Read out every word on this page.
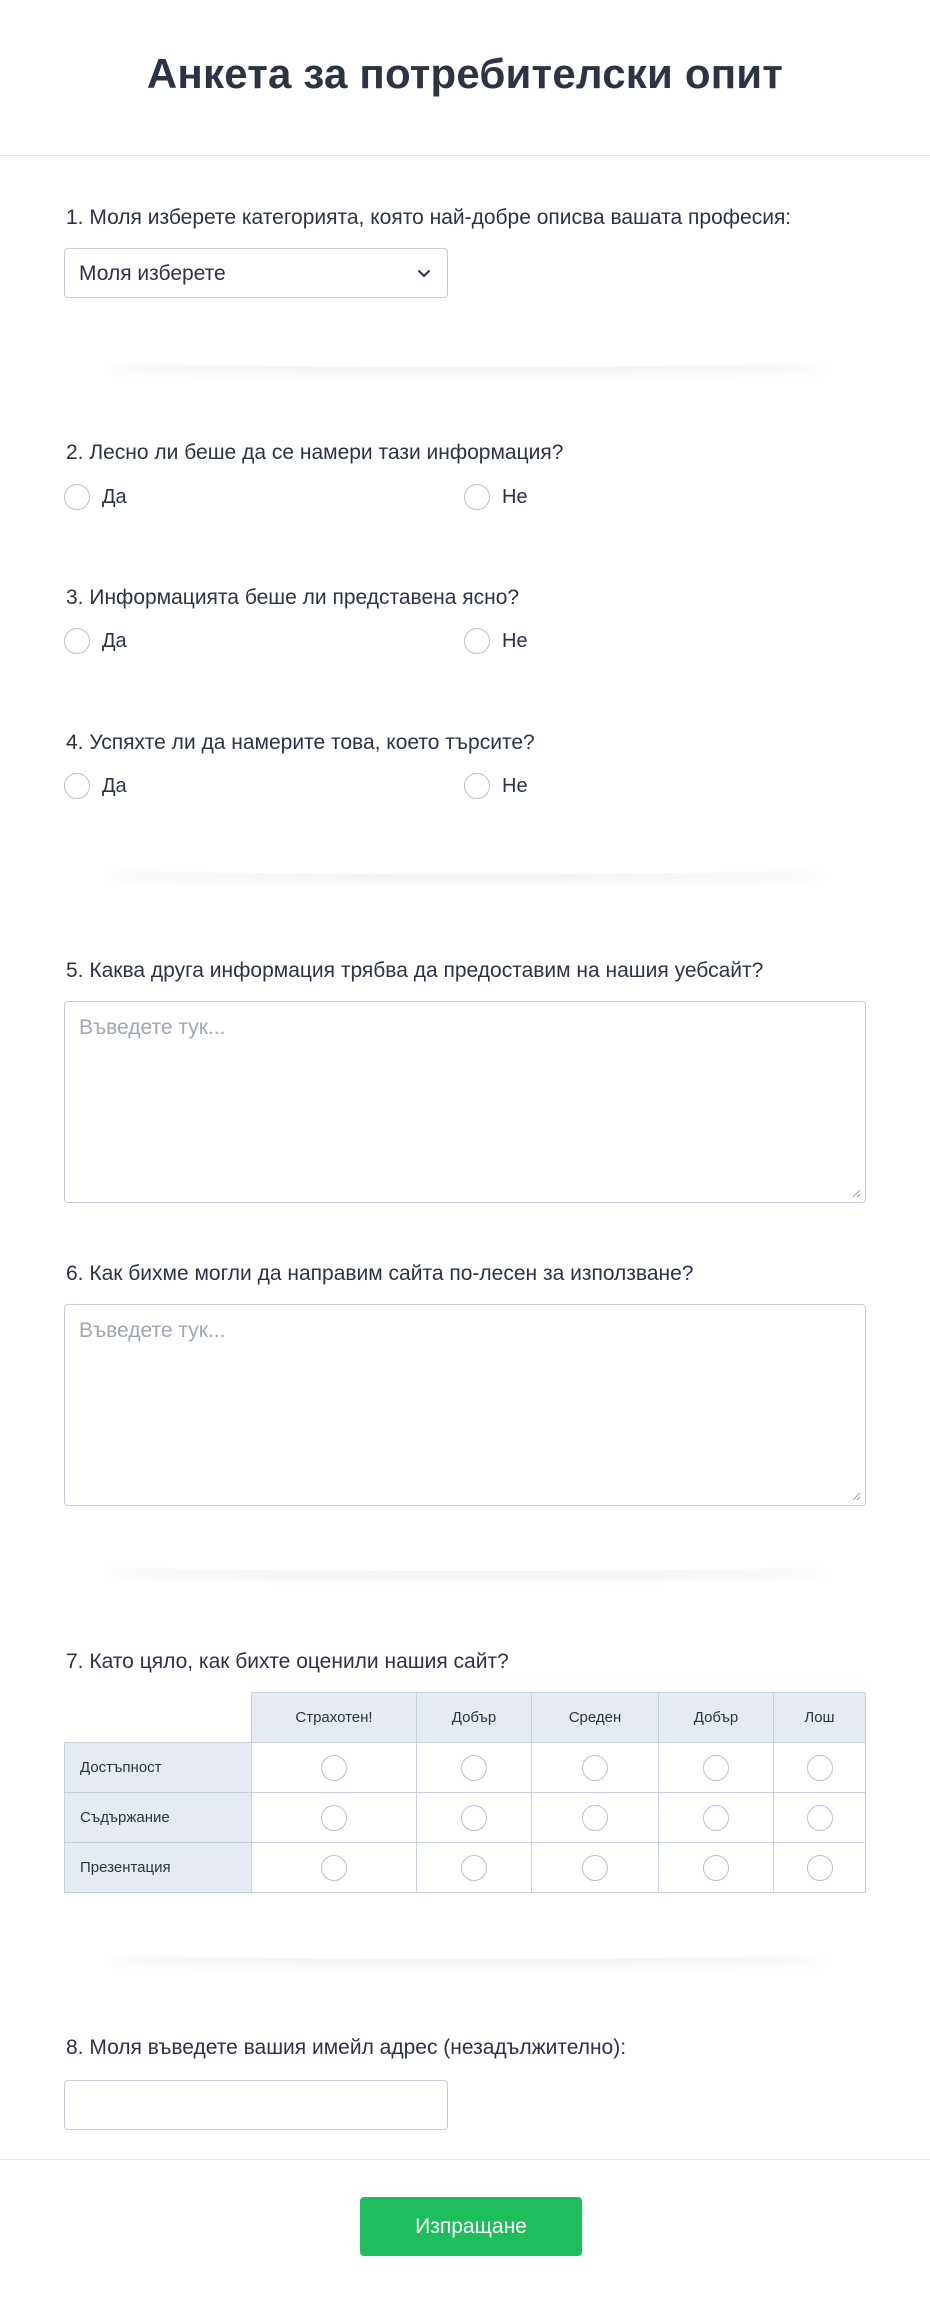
Анкета за потребителски опит
1. Моля изберете категорията, която най-добре описва вашата професия:
Моля изберете
2. Лесно ли беше да се намери тази информация?
Да	Не
3. Информацията беше ли представена ясно?
Да	Не
4. Успяхте ли да намерите това, което търсите?
Да	Не
5. Каква друга информация трябва да предоставим на нашия уебсайт?
Въведете тук...
6. Как бихме могли да направим сайта по-лесен за използване?
Въведете тук...
7. Като цяло, как бихте оценили нашия сайт?
	Страхотен!	Добър	Среден	Добър	Лош
Достъпност					
Съдържание					
Презентация					
8. Моля въведете вашия имейл адрес (незадължително):
Изпращане
